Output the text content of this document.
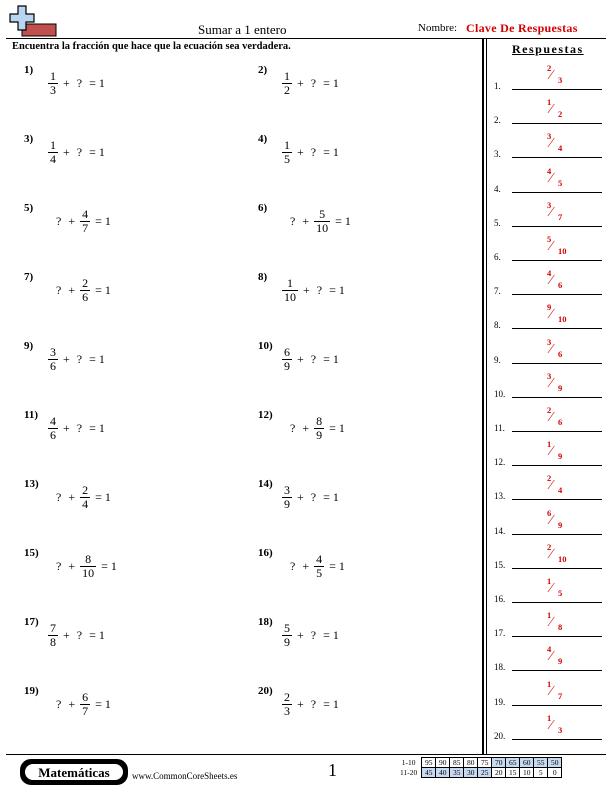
Sumar a 1 entero	Nombre: Clave De Respuestas
Encuentra la fracción que hace que la ecuación sea verdadera.	Respuestas
$1) \frac{1}{3}$ + ? = 1
$2) \frac{1}{2}$ + ? = 1
$3) \frac{1}{4}$ + ? = 1
$4) \frac{1}{5}$ + ? = 1
5)
? + $\frac{4}{7} = 1$
6)
? + $\frac{5}{10} = 1$
7)
? + $\frac{2}{6} = 1$
$8) \frac{1}{10}$ + ? = 1
$9) \frac{3}{6}$ + ? = 1
$10) \frac{6}{9}$ + ? = 1
$11) \frac{4}{6}$ + ? = 1
12)
? + $\frac{8}{9} = 1$
13)
? + $\frac{2}{4} = 1$
$14) \frac{3}{9}$ + ? = 1
15)
? + $\frac{8}{10} = 1$
16)
? + $\frac{4}{5} = 1$
$17) \frac{7}{8}$ + ? = 1
$18) \frac{5}{9}$ + ? = 1
19)
? + $\frac{6}{7} = 1$
$20) \frac{2}{3}$ + ? = 1
1.
2
∕ 3
2.
1
∕ 2
3.
3
∕ 4
4.
4
∕ 5
5.
3
∕ 7
6.
5
∕ 10
7.
4
∕ 6
8.
9
∕ 10
9.
3
∕ 6
10.
3
∕ 9
11.
2
∕ 6
12.
1
∕ 9
13.
2
∕ 4
14.
6
∕ 9
15.
2
∕ 10
16.
1
∕ 5
17.
1
∕ 8
18.
4
∕ 9
19.
1
∕ 7
20.
1
∕ 3
Matemáticas	www.CommonCoreSheets.es	1	1-10	95	90	85	80	75	70	65	60	55	50
11-20	45	40	35	30	25	20	15	10	5	0
